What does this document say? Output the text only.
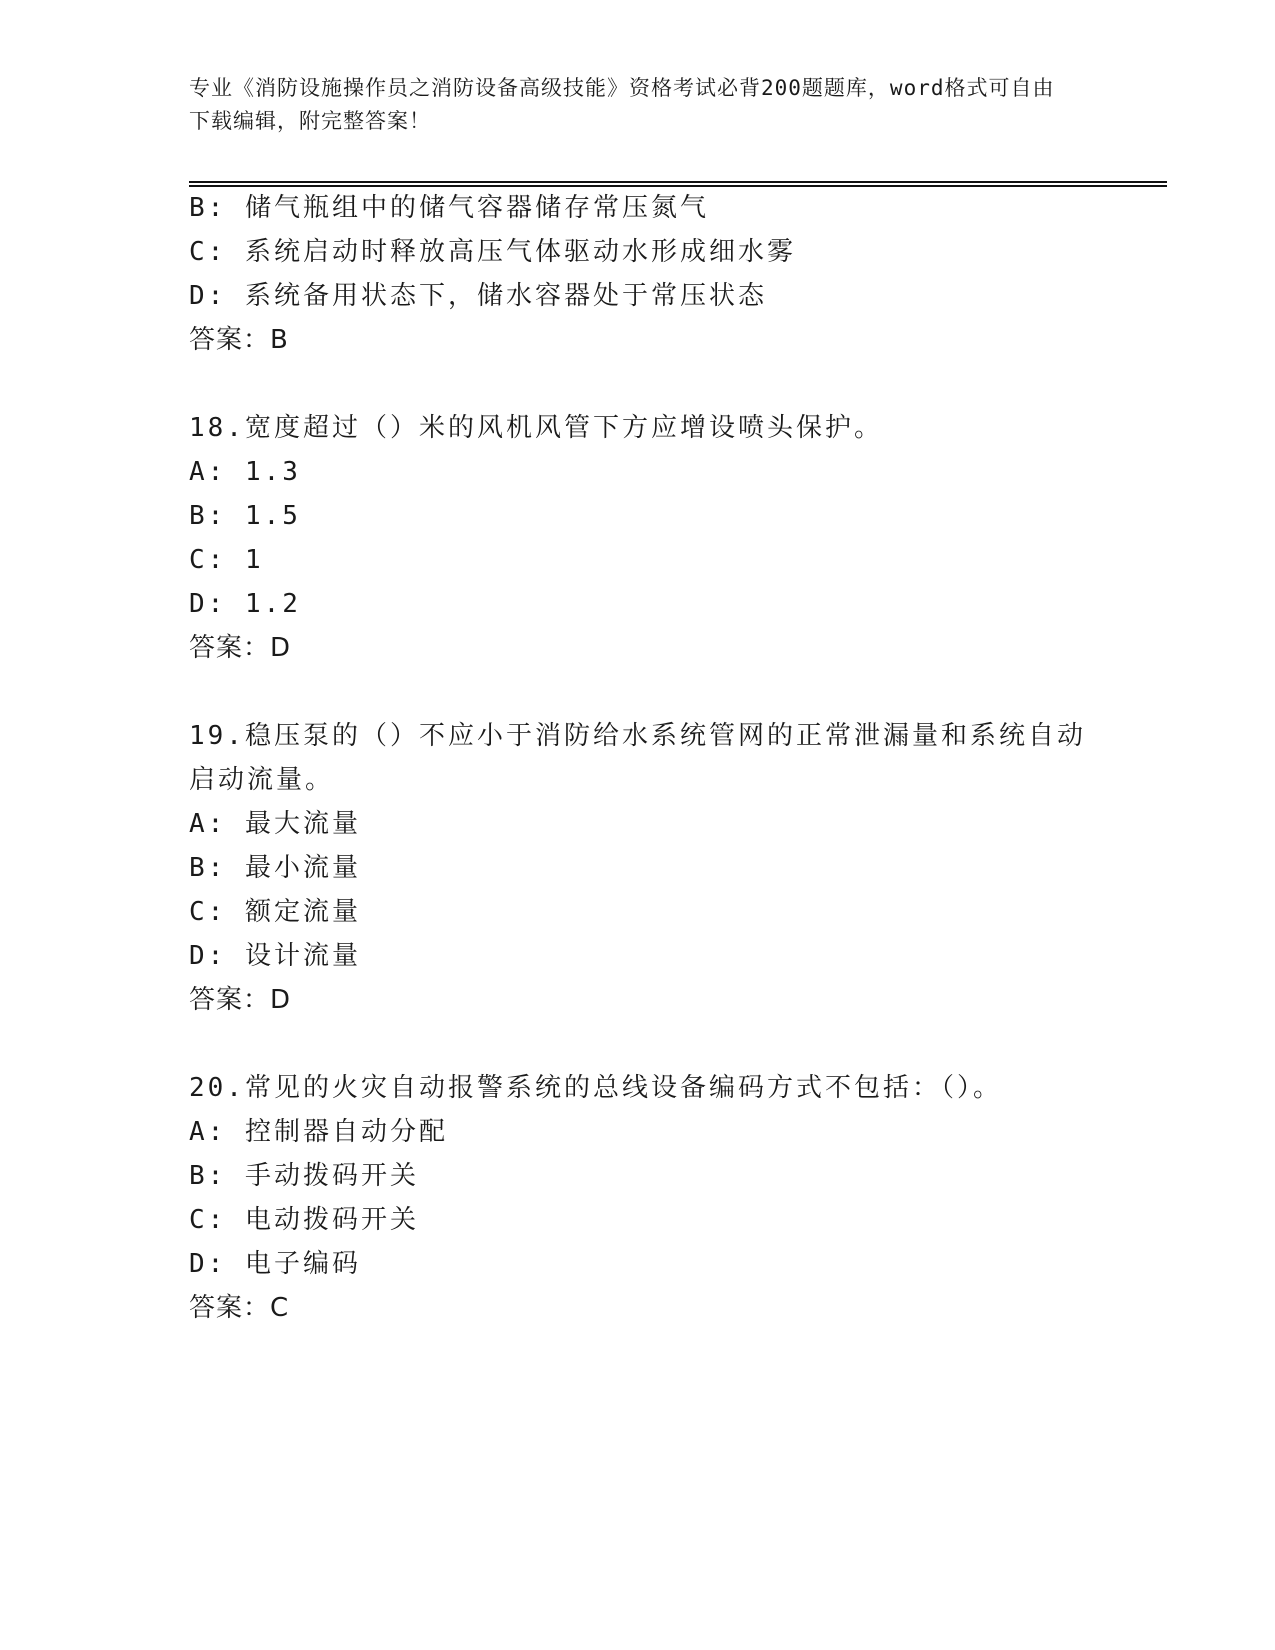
专业《消防设施操作员之消防设备高级技能》资格考试必背200题题库，word格式可自由下载编辑，附完整答案！

B: 储气瓶组中的储气容器储存常压氮气

C: 系统启动时释放高压气体驱动水形成细水雾

D: 系统备用状态下，储水容器处于常压状态

答案：B

18.宽度超过（）米的风机风管下方应增设喷头保护。

A: 1.3

B: 1.5

C: 1

D: 1.2

答案：D

19.稳压泵的（）不应小于消防给水系统管网的正常泄漏量和系统自动

启动流量。

A: 最大流量

B: 最小流量

C: 额定流量

D: 设计流量

答案：D

20.常见的火灾自动报警系统的总线设备编码方式不包括：（）。

A: 控制器自动分配

B: 手动拨码开关

C: 电动拨码开关

D: 电子编码

答案：C
